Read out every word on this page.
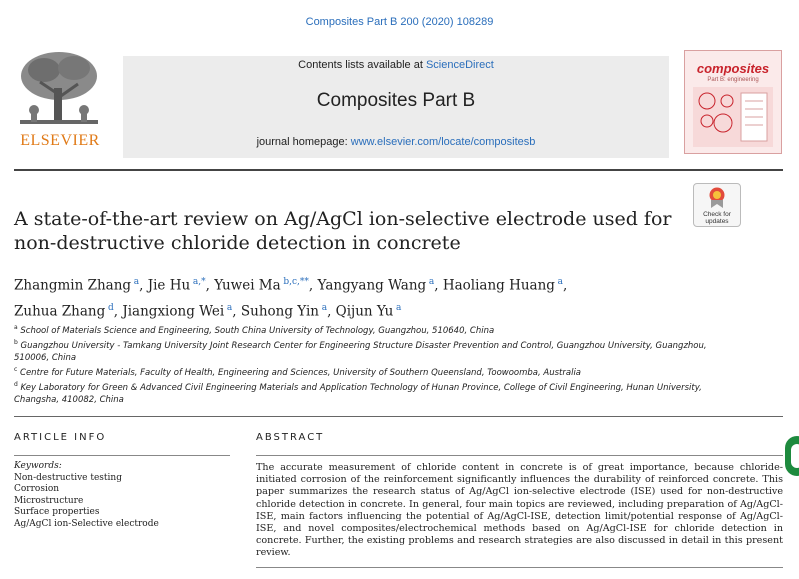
Composites Part B 200 (2020) 108289
ELSEVIER
Contents lists available at ScienceDirect
Composites Part B
journal homepage: www.elsevier.com/locate/compositesb
composites
Part B: engineering
Check for
updates
A state-of-the-art review on Ag/AgCl ion-selective electrode used for
non-destructive chloride detection in concrete
Zhangmin Zhang  $^a$, Jie Hu  $^{a,*}$, Yuwei Ma  $^{b,c,**}$, Yangyang Wang  $^a$, Haoliang Huang  $^a$,
Zuhua Zhang  $^d$, Jiangxiong Wei  $^a$, Suhong Yin  $^a$, Qijun Yu  $^a$

$^a$ School of Materials Science and Engineering, South China University of Technology, Guangzhou, 510640, China

$^b$ Guangzhou University - Tamkang University Joint Research Center for Engineering Structure Disaster Prevention and Control, Guangzhou University, Guangzhou, 510006, China

$^c$ Centre for Future Materials, Faculty of Health, Engineering and Sciences, University of Southern Queensland, Toowoomba, Australia

$^d$ Key Laboratory for Green & Advanced Civil Engineering Materials and Application Technology of Hunan Province, College of Civil Engineering, Hunan University, Changsha, 410082, China

ARTICLE INFO
Keywords:
Non-destructive testing
Corrosion
Microstructure
Surface properties
Ag/AgCl ion-Selective electrode
ABSTRACT
The accurate measurement of chloride content in concrete is of great importance, because chloride-initiated corrosion of the reinforcement significantly influences the durability of reinforced concrete. This paper summarizes the research status of Ag/AgCl ion-selective electrode (ISE) used for non-destructive chloride detection in concrete. In general, four main topics are reviewed, including preparation of Ag/AgCl-ISE, main factors influencing the potential of Ag/AgCl-ISE, detection limit/potential response of Ag/AgCl-ISE, and novel composites/electrochemical methods based on Ag/AgCl-ISE for chloride detection in concrete. Further, the existing problems and research strategies are also discussed in detail in this present review.
